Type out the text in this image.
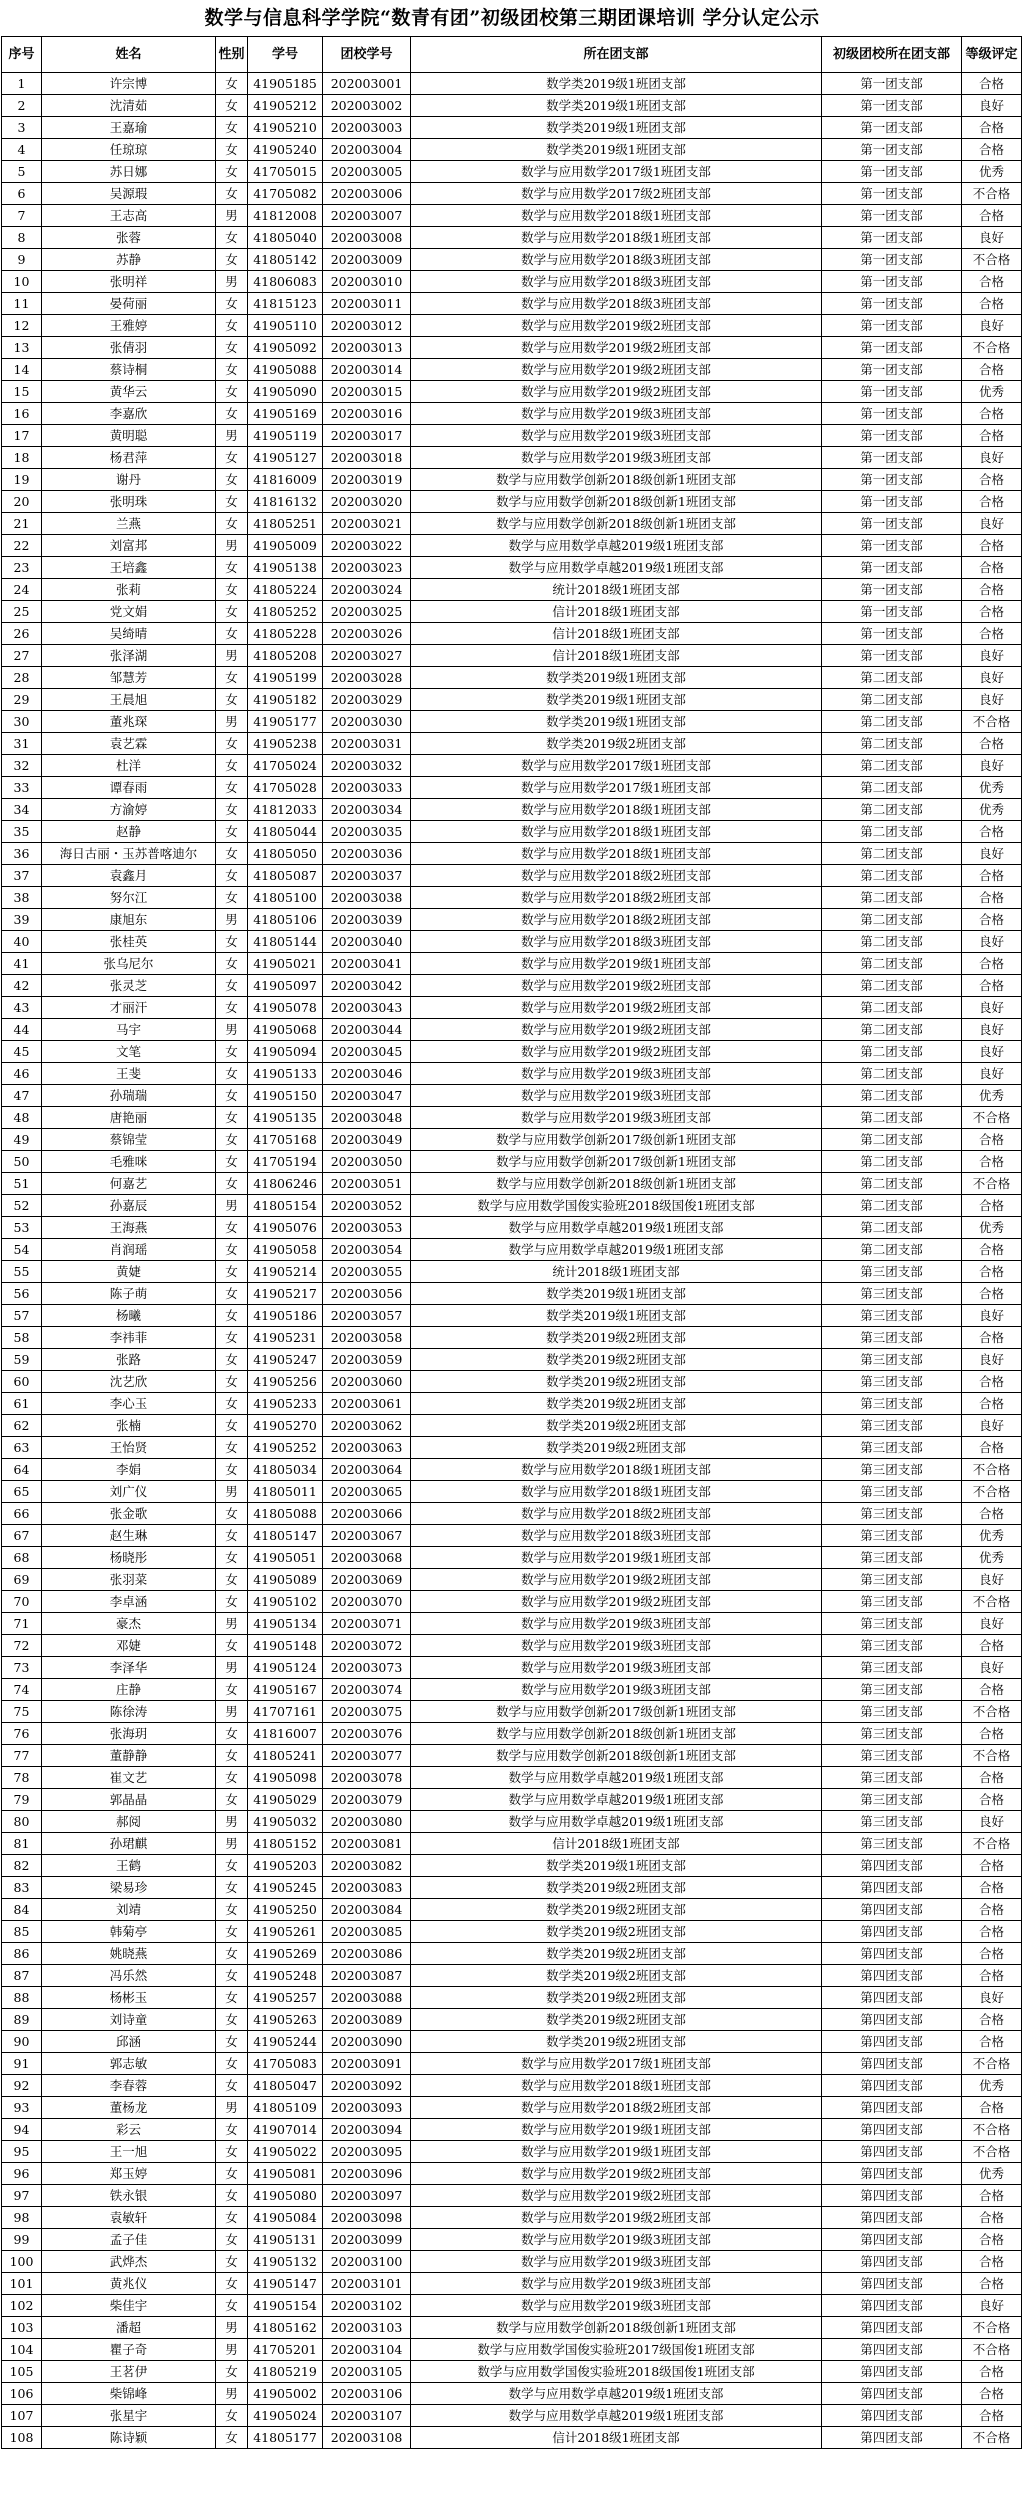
数学与信息科学学院“数青有团”初级团校第三期团课培训 学分认定公示
序号	姓名	性别	学号	团校学号	所在团支部	初级团校所在团支部	等级评定
1	许宗博	女	41905185	202003001	数学类2019级1班团支部	第一团支部	合格
2	沈清茹	女	41905212	202003002	数学类2019级1班团支部	第一团支部	良好
3	王嘉瑜	女	41905210	202003003	数学类2019级1班团支部	第一团支部	合格
4	任琼琼	女	41905240	202003004	数学类2019级1班团支部	第一团支部	合格
5	苏日娜	女	41705015	202003005	数学与应用数学2017级1班团支部	第一团支部	优秀
6	吴源瑕	女	41705082	202003006	数学与应用数学2017级2班团支部	第一团支部	不合格
7	王志高	男	41812008	202003007	数学与应用数学2018级1班团支部	第一团支部	合格
8	张蓉	女	41805040	202003008	数学与应用数学2018级1班团支部	第一团支部	良好
9	苏静	女	41805142	202003009	数学与应用数学2018级3班团支部	第一团支部	不合格
10	张明祥	男	41806083	202003010	数学与应用数学2018级3班团支部	第一团支部	合格
11	晏荷丽	女	41815123	202003011	数学与应用数学2018级3班团支部	第一团支部	合格
12	王雅婷	女	41905110	202003012	数学与应用数学2019级2班团支部	第一团支部	良好
13	张倩羽	女	41905092	202003013	数学与应用数学2019级2班团支部	第一团支部	不合格
14	蔡诗桐	女	41905088	202003014	数学与应用数学2019级2班团支部	第一团支部	合格
15	黄华云	女	41905090	202003015	数学与应用数学2019级2班团支部	第一团支部	优秀
16	李嘉欣	女	41905169	202003016	数学与应用数学2019级3班团支部	第一团支部	合格
17	黄明聪	男	41905119	202003017	数学与应用数学2019级3班团支部	第一团支部	合格
18	杨君萍	女	41905127	202003018	数学与应用数学2019级3班团支部	第一团支部	良好
19	谢丹	女	41816009	202003019	数学与应用数学创新2018级创新1班团支部	第一团支部	合格
20	张明珠	女	41816132	202003020	数学与应用数学创新2018级创新1班团支部	第一团支部	合格
21	兰燕	女	41805251	202003021	数学与应用数学创新2018级创新1班团支部	第一团支部	良好
22	刘富邦	男	41905009	202003022	数学与应用数学卓越2019级1班团支部	第一团支部	合格
23	王培鑫	女	41905138	202003023	数学与应用数学卓越2019级1班团支部	第一团支部	合格
24	张莉	女	41805224	202003024	统计2018级1班团支部	第一团支部	合格
25	党文娟	女	41805252	202003025	信计2018级1班团支部	第一团支部	合格
26	吴绮晴	女	41805228	202003026	信计2018级1班团支部	第一团支部	合格
27	张泽湖	男	41805208	202003027	信计2018级1班团支部	第一团支部	良好
28	邹慧芳	女	41905199	202003028	数学类2019级1班团支部	第二团支部	良好
29	王晨旭	女	41905182	202003029	数学类2019级1班团支部	第二团支部	良好
30	董兆琛	男	41905177	202003030	数学类2019级1班团支部	第二团支部	不合格
31	袁艺霖	女	41905238	202003031	数学类2019级2班团支部	第二团支部	合格
32	杜洋	女	41705024	202003032	数学与应用数学2017级1班团支部	第二团支部	良好
33	谭春雨	女	41705028	202003033	数学与应用数学2017级1班团支部	第二团支部	优秀
34	方渝婷	女	41812033	202003034	数学与应用数学2018级1班团支部	第二团支部	优秀
35	赵静	女	41805044	202003035	数学与应用数学2018级1班团支部	第二团支部	合格
36	海日古丽・玉苏普喀迪尔	女	41805050	202003036	数学与应用数学2018级1班团支部	第二团支部	良好
37	袁鑫月	女	41805087	202003037	数学与应用数学2018级2班团支部	第二团支部	合格
38	努尔江	女	41805100	202003038	数学与应用数学2018级2班团支部	第二团支部	合格
39	康旭东	男	41805106	202003039	数学与应用数学2018级2班团支部	第二团支部	合格
40	张桂英	女	41805144	202003040	数学与应用数学2018级3班团支部	第二团支部	良好
41	张乌尼尔	女	41905021	202003041	数学与应用数学2019级1班团支部	第二团支部	合格
42	张灵芝	女	41905097	202003042	数学与应用数学2019级2班团支部	第二团支部	合格
43	才丽汗	女	41905078	202003043	数学与应用数学2019级2班团支部	第二团支部	良好
44	马宇	男	41905068	202003044	数学与应用数学2019级2班团支部	第二团支部	良好
45	文笔	女	41905094	202003045	数学与应用数学2019级2班团支部	第二团支部	良好
46	王斐	女	41905133	202003046	数学与应用数学2019级3班团支部	第二团支部	良好
47	孙瑞瑞	女	41905150	202003047	数学与应用数学2019级3班团支部	第二团支部	优秀
48	唐艳丽	女	41905135	202003048	数学与应用数学2019级3班团支部	第二团支部	不合格
49	蔡锦莹	女	41705168	202003049	数学与应用数学创新2017级创新1班团支部	第二团支部	合格
50	毛雅咪	女	41705194	202003050	数学与应用数学创新2017级创新1班团支部	第二团支部	合格
51	何嘉艺	女	41806246	202003051	数学与应用数学创新2018级创新1班团支部	第二团支部	不合格
52	孙嘉辰	男	41805154	202003052	数学与应用数学国俊实验班2018级国俊1班团支部	第二团支部	合格
53	王海燕	女	41905076	202003053	数学与应用数学卓越2019级1班团支部	第二团支部	优秀
54	肖润瑶	女	41905058	202003054	数学与应用数学卓越2019级1班团支部	第二团支部	合格
55	黄婕	女	41905214	202003055	统计2018级1班团支部	第三团支部	合格
56	陈子萌	女	41905217	202003056	数学类2019级1班团支部	第三团支部	合格
57	杨曦	女	41905186	202003057	数学类2019级1班团支部	第三团支部	良好
58	李祎菲	女	41905231	202003058	数学类2019级2班团支部	第三团支部	合格
59	张路	女	41905247	202003059	数学类2019级2班团支部	第三团支部	良好
60	沈艺欣	女	41905256	202003060	数学类2019级2班团支部	第三团支部	合格
61	李心玉	女	41905233	202003061	数学类2019级2班团支部	第三团支部	合格
62	张楠	女	41905270	202003062	数学类2019级2班团支部	第三团支部	良好
63	王怡贤	女	41905252	202003063	数学类2019级2班团支部	第三团支部	合格
64	李娟	女	41805034	202003064	数学与应用数学2018级1班团支部	第三团支部	不合格
65	刘广仪	男	41805011	202003065	数学与应用数学2018级1班团支部	第三团支部	不合格
66	张金歌	女	41805088	202003066	数学与应用数学2018级2班团支部	第三团支部	合格
67	赵生琳	女	41805147	202003067	数学与应用数学2018级3班团支部	第三团支部	优秀
68	杨晓彤	女	41905051	202003068	数学与应用数学2019级1班团支部	第三团支部	优秀
69	张羽菜	女	41905089	202003069	数学与应用数学2019级2班团支部	第三团支部	良好
70	李卓涵	女	41905102	202003070	数学与应用数学2019级2班团支部	第三团支部	不合格
71	豪杰	男	41905134	202003071	数学与应用数学2019级3班团支部	第三团支部	良好
72	邓婕	女	41905148	202003072	数学与应用数学2019级3班团支部	第三团支部	合格
73	李泽华	男	41905124	202003073	数学与应用数学2019级3班团支部	第三团支部	良好
74	庄静	女	41905167	202003074	数学与应用数学2019级3班团支部	第三团支部	合格
75	陈徐涛	男	41707161	202003075	数学与应用数学创新2017级创新1班团支部	第三团支部	不合格
76	张海玥	女	41816007	202003076	数学与应用数学创新2018级创新1班团支部	第三团支部	合格
77	董静静	女	41805241	202003077	数学与应用数学创新2018级创新1班团支部	第三团支部	不合格
78	崔文艺	女	41905098	202003078	数学与应用数学卓越2019级1班团支部	第三团支部	合格
79	郭晶晶	女	41905029	202003079	数学与应用数学卓越2019级1班团支部	第三团支部	合格
80	郝阅	男	41905032	202003080	数学与应用数学卓越2019级1班团支部	第三团支部	良好
81	孙珺麒	男	41805152	202003081	信计2018级1班团支部	第三团支部	不合格
82	王鹤	女	41905203	202003082	数学类2019级1班团支部	第四团支部	合格
83	梁易珍	女	41905245	202003083	数学类2019级2班团支部	第四团支部	合格
84	刘靖	女	41905250	202003084	数学类2019级2班团支部	第四团支部	合格
85	韩菊亭	女	41905261	202003085	数学类2019级2班团支部	第四团支部	合格
86	姚晓燕	女	41905269	202003086	数学类2019级2班团支部	第四团支部	合格
87	冯乐然	女	41905248	202003087	数学类2019级2班团支部	第四团支部	合格
88	杨彬玉	女	41905257	202003088	数学类2019级2班团支部	第四团支部	良好
89	刘诗童	女	41905263	202003089	数学类2019级2班团支部	第四团支部	合格
90	邱涵	女	41905244	202003090	数学类2019级2班团支部	第四团支部	合格
91	郭志敏	女	41705083	202003091	数学与应用数学2017级1班团支部	第四团支部	不合格
92	李春蓉	女	41805047	202003092	数学与应用数学2018级1班团支部	第四团支部	优秀
93	董杨龙	男	41805109	202003093	数学与应用数学2018级2班团支部	第四团支部	合格
94	彩云	女	41907014	202003094	数学与应用数学2019级1班团支部	第四团支部	不合格
95	王一旭	女	41905022	202003095	数学与应用数学2019级1班团支部	第四团支部	不合格
96	郑玉婷	女	41905081	202003096	数学与应用数学2019级2班团支部	第四团支部	优秀
97	铁永银	女	41905080	202003097	数学与应用数学2019级2班团支部	第四团支部	合格
98	袁敏轩	女	41905084	202003098	数学与应用数学2019级2班团支部	第四团支部	合格
99	孟子佳	女	41905131	202003099	数学与应用数学2019级3班团支部	第四团支部	合格
100	武烨杰	女	41905132	202003100	数学与应用数学2019级3班团支部	第四团支部	合格
101	黄兆仪	女	41905147	202003101	数学与应用数学2019级3班团支部	第四团支部	合格
102	柴佳宇	女	41905154	202003102	数学与应用数学2019级3班团支部	第四团支部	良好
103	潘超	男	41805162	202003103	数学与应用数学创新2018级创新1班团支部	第四团支部	不合格
104	瞿子奇	男	41705201	202003104	数学与应用数学国俊实验班2017级国俊1班团支部	第四团支部	不合格
105	王茗伊	女	41805219	202003105	数学与应用数学国俊实验班2018级国俊1班团支部	第四团支部	合格
106	柴锦峰	男	41905002	202003106	数学与应用数学卓越2019级1班团支部	第四团支部	合格
107	张星宇	女	41905024	202003107	数学与应用数学卓越2019级1班团支部	第四团支部	合格
108	陈诗颖	女	41805177	202003108	信计2018级1班团支部	第四团支部	不合格
